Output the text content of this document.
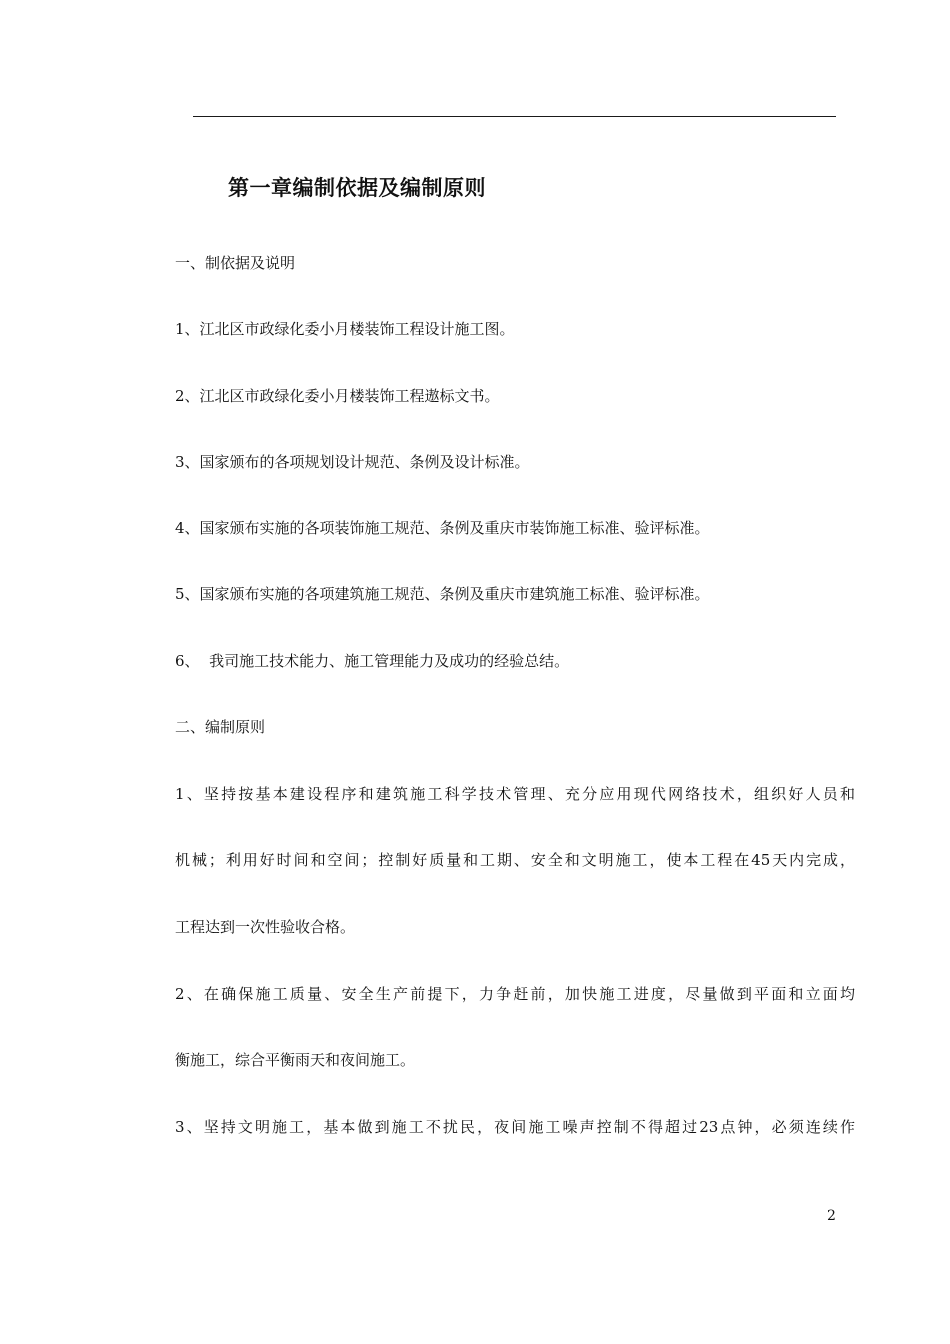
第一章编制依据及编制原则
一、制依据及说明
1、江北区市政绿化委小月楼装饰工程设计施工图。
2、江北区市政绿化委小月楼装饰工程遨标文书。
3、国家颁布的各项规划设计规范、条例及设计标准。
4、国家颁布实施的各项装饰施工规范、条例及重庆市装饰施工标准、验评标准。
5、国家颁布实施的各项建筑施工规范、条例及重庆市建筑施工标准、验评标准。
6、  我司施工技术能力、施工管理能力及成功的经验总结。
二、编制原则
1、坚持按基本建设程序和建筑施工科学技术管理、充分应用现代网络技术，组织好人员和
机械；利用好时间和空间；控制好质量和工期、安全和文明施工，使本工程在45天内完成，
工程达到一次性验收合格。
2、在确保施工质量、安全生产前提下，力争赶前，加快施工进度，尽量做到平面和立面均
衡施工，综合平衡雨天和夜间施工。
3、坚持文明施工，基本做到施工不扰民，夜间施工噪声控制不得超过23点钟，必须连续作
2
